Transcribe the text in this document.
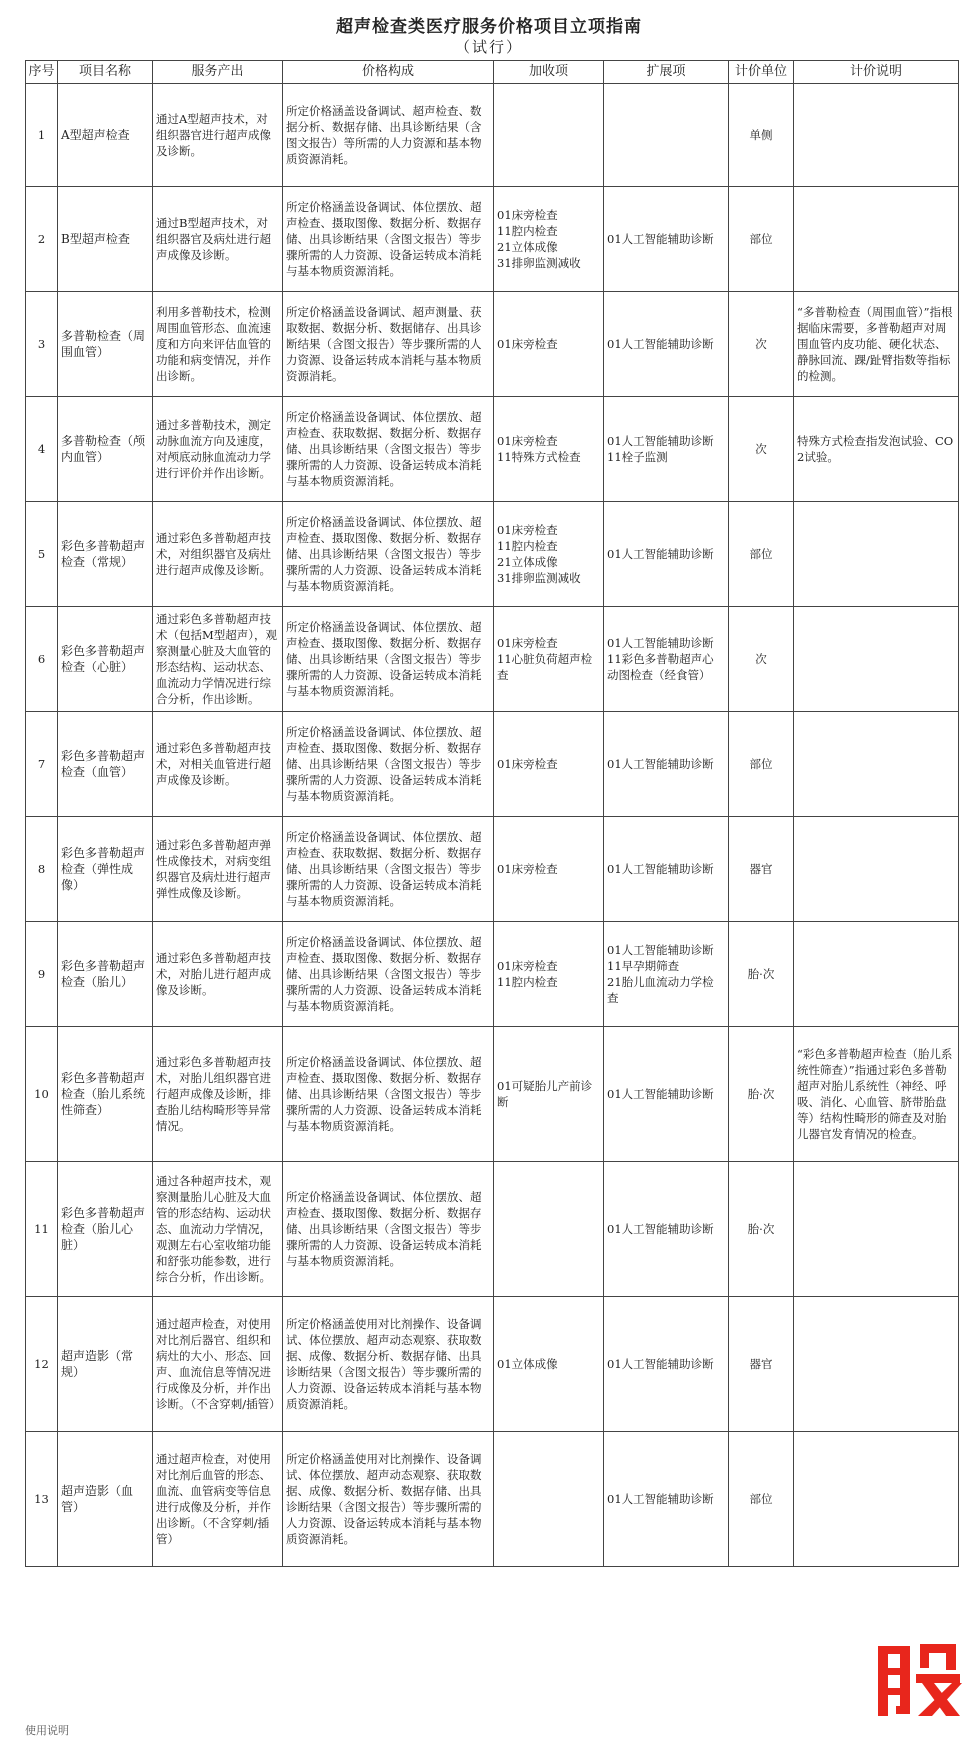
超声检查类医疗服务价格项目立项指南
（试行）
序号	项目名称	服务产出	价格构成	加收项	扩展项	计价单位	计价说明
1	A型超声检查	通过A型超声技术，对组织器官进行超声成像及诊断。	所定价格涵盖设备调试、超声检查、数据分析、数据存储、出具诊断结果（含图文报告）等所需的人力资源和基本物质资源消耗。			单侧	
2	B型超声检查	通过B型超声技术，对组织器官及病灶进行超声成像及诊断。	所定价格涵盖设备调试、体位摆放、超声检查、摄取图像、数据分析、数据存储、出具诊断结果（含图文报告）等步骤所需的人力资源、设备运转成本消耗与基本物质资源消耗。	01床旁检查
11腔内检查
21立体成像
31排卵监测减收	01人工智能辅助诊断	部位	
3	多普勒检查（周围血管）	利用多普勒技术，检测周围血管形态、血流速度和方向来评估血管的功能和病变情况，并作出诊断。	所定价格涵盖设备调试、超声测量、获取数据、数据分析、数据储存、出具诊断结果（含图文报告）等步骤所需的人力资源、设备运转成本消耗与基本物质资源消耗。	01床旁检查	01人工智能辅助诊断	次	“多普勒检查（周围血管）”指根据临床需要，多普勒超声对周围血管内皮功能、硬化状态、静脉回流、踝/趾臂指数等指标的检测。
4	多普勒检查（颅内血管）	通过多普勒技术，测定动脉血流方向及速度，对颅底动脉血流动力学进行评价并作出诊断。	所定价格涵盖设备调试、体位摆放、超声检查、获取数据、数据分析、数据存储、出具诊断结果（含图文报告）等步骤所需的人力资源、设备运转成本消耗与基本物质资源消耗。	01床旁检查
11特殊方式检查	01人工智能辅助诊断
11栓子监测	次	特殊方式检查指发泡试验、CO2试验。
5	彩色多普勒超声检查（常规）	通过彩色多普勒超声技术，对组织器官及病灶进行超声成像及诊断。	所定价格涵盖设备调试、体位摆放、超声检查、摄取图像、数据分析、数据存储、出具诊断结果（含图文报告）等步骤所需的人力资源、设备运转成本消耗与基本物质资源消耗。	01床旁检查
11腔内检查
21立体成像
31排卵监测减收	01人工智能辅助诊断	部位	
6	彩色多普勒超声检查（心脏）	通过彩色多普勒超声技术（包括M型超声），观察测量心脏及大血管的形态结构、运动状态、血流动力学情况进行综合分析，作出诊断。	所定价格涵盖设备调试、体位摆放、超声检查、摄取图像、数据分析、数据存储、出具诊断结果（含图文报告）等步骤所需的人力资源、设备运转成本消耗与基本物质资源消耗。	01床旁检查
11心脏负荷超声检查	01人工智能辅助诊断
11彩色多普勒超声心动图检查（经食管）	次	
7	彩色多普勒超声检查（血管）	通过彩色多普勒超声技术，对相关血管进行超声成像及诊断。	所定价格涵盖设备调试、体位摆放、超声检查、摄取图像、数据分析、数据存储、出具诊断结果（含图文报告）等步骤所需的人力资源、设备运转成本消耗与基本物质资源消耗。	01床旁检查	01人工智能辅助诊断	部位	
8	彩色多普勒超声检查（弹性成像）	通过彩色多普勒超声弹性成像技术，对病变组织器官及病灶进行超声弹性成像及诊断。	所定价格涵盖设备调试、体位摆放、超声检查、获取数据、数据分析、数据存储、出具诊断结果（含图文报告）等步骤所需的人力资源、设备运转成本消耗与基本物质资源消耗。	01床旁检查	01人工智能辅助诊断	器官	
9	彩色多普勒超声检查（胎儿）	通过彩色多普勒超声技术，对胎儿进行超声成像及诊断。	所定价格涵盖设备调试、体位摆放、超声检查、摄取图像、数据分析、数据存储、出具诊断结果（含图文报告）等步骤所需的人力资源、设备运转成本消耗与基本物质资源消耗。	01床旁检查
11腔内检查	01人工智能辅助诊断
11早孕期筛查
21胎儿血流动力学检查	胎·次	
10	彩色多普勒超声检查（胎儿系统性筛查）	通过彩色多普勒超声技术，对胎儿组织器官进行超声成像及诊断，排查胎儿结构畸形等异常情况。	所定价格涵盖设备调试、体位摆放、超声检查、摄取图像、数据分析、数据存储、出具诊断结果（含图文报告）等步骤所需的人力资源、设备运转成本消耗与基本物质资源消耗。	01可疑胎儿产前诊断	01人工智能辅助诊断	胎·次	“彩色多普勒超声检查（胎儿系统性筛查）”指通过彩色多普勒超声对胎儿系统性（神经、呼吸、消化、心血管、脐带胎盘等）结构性畸形的筛查及对胎儿器官发育情况的检查。
11	彩色多普勒超声检查（胎儿心脏）	通过各种超声技术，观察测量胎儿心脏及大血管的形态结构、运动状态、血流动力学情况，观测左右心室收缩功能和舒张功能参数，进行综合分析，作出诊断。	所定价格涵盖设备调试、体位摆放、超声检查、摄取图像、数据分析、数据存储、出具诊断结果（含图文报告）等步骤所需的人力资源、设备运转成本消耗与基本物质资源消耗。		01人工智能辅助诊断	胎·次	
12	超声造影（常规）	通过超声检查，对使用对比剂后器官、组织和病灶的大小、形态、回声、血流信息等情况进行成像及分析，并作出诊断。（不含穿刺/插管）	所定价格涵盖使用对比剂操作、设备调试、体位摆放、超声动态观察、获取数据、成像、数据分析、数据存储、出具诊断结果（含图文报告）等步骤所需的人力资源、设备运转成本消耗与基本物质资源消耗。	01立体成像	01人工智能辅助诊断	器官	
13	超声造影（血管）	通过超声检查，对使用对比剂后血管的形态、血流、血管病变等信息进行成像及分析，并作出诊断。（不含穿刺/插管）	所定价格涵盖使用对比剂操作、设备调试、体位摆放、超声动态观察、获取数据、成像、数据分析、数据存储、出具诊断结果（含图文报告）等步骤所需的人力资源、设备运转成本消耗与基本物质资源消耗。		01人工智能辅助诊断	部位	
使用说明
